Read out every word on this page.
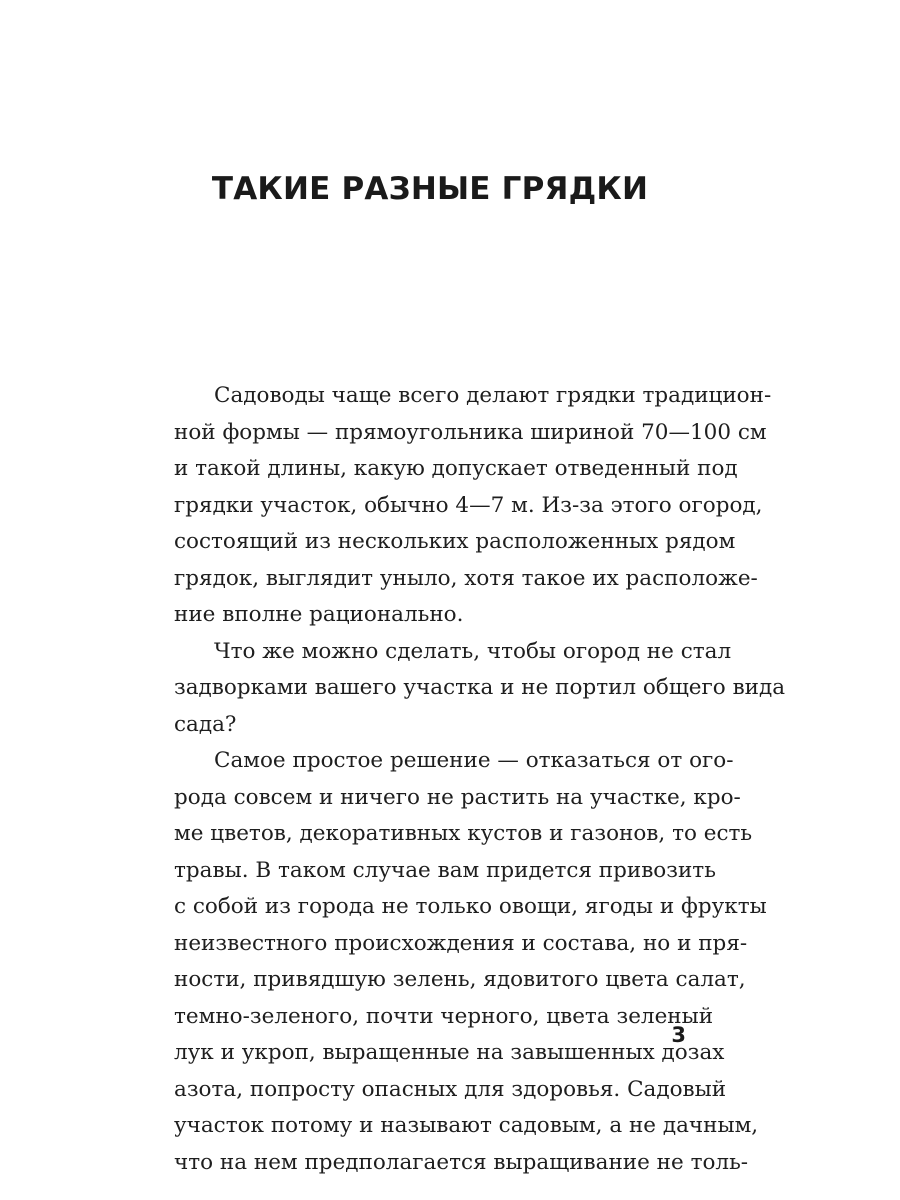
ТАКИЕ РАЗНЫЕ ГРЯДКИ
Садоводы чаще всего делают грядки традицион-
ной формы — прямоугольника шириной 70—100 см
и такой длины, какую допускает отведенный под
грядки участок, обычно 4—7 м. Из-за этого огород,
состоящий из нескольких расположенных рядом
грядок, выглядит уныло, хотя такое их расположе-
ние вполне рационально.
Что же можно сделать, чтобы огород не стал
задворками вашего участка и не портил общего вида
сада?
Самое простое решение — отказаться от ого-
рода совсем и ничего не растить на участке, кро-
ме цветов, декоративных кустов и газонов, то есть
травы. В таком случае вам придется привозить
с собой из города не только овощи, ягоды и фрукты
неизвестного происхождения и состава, но и пря-
ности, привядшую зелень, ядовитого цвета салат,
темно-зеленого, почти черного, цвета зеленый
лук и укроп, выращенные на завышенных дозах
азота, попросту опасных для здоровья. Садовый
участок потому и называют садовым, а не дачным,
что на нем предполагается выращивание не толь-
3
